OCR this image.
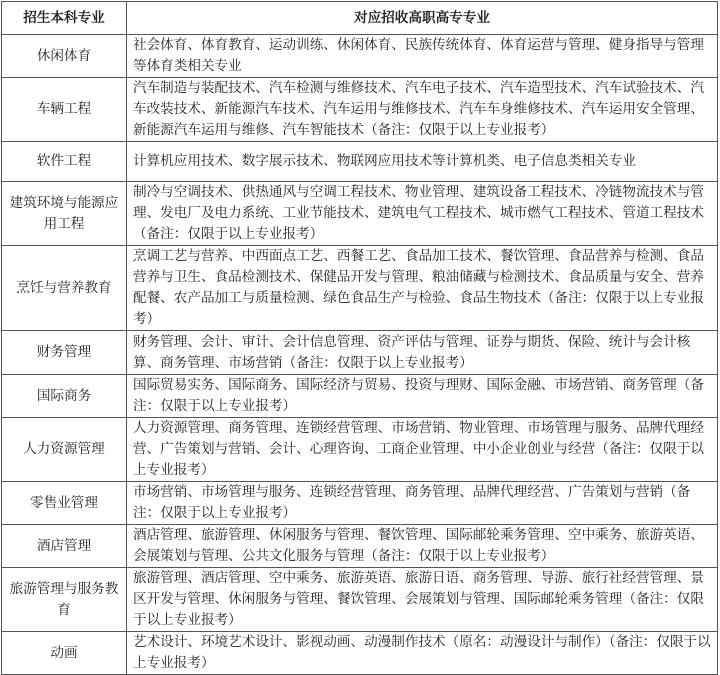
招生本科专业	对应招收高职高专专业
休闲体育	社会体育、体育教育、运动训练、休闲体育、民族传统体育、体育运营与管理、健身指导与管理等体育类相关专业
车辆工程	汽车制造与装配技术、汽车检测与维修技术、汽车电子技术、汽车造型技术、汽车试验技术、汽车改装技术、新能源汽车技术、汽车运用与维修技术、汽车车身维修技术、汽车运用安全管理、新能源汽车运用与维修、汽车智能技术（备注：仅限于以上专业报考）
软件工程	计算机应用技术、数字展示技术、物联网应用技术等计算机类、电子信息类相关专业
建筑环境与能源应用工程	制冷与空调技术、供热通风与空调工程技术、物业管理、建筑设备工程技术、冷链物流技术与管理、发电厂及电力系统、工业节能技术、建筑电气工程技术、城市燃气工程技术、管道工程技术（备注：仅限于以上专业报考）
烹饪与营养教育	烹调工艺与营养、中西面点工艺、西餐工艺、食品加工技术、餐饮管理、食品营养与检测、食品营养与卫生、食品检测技术、保健品开发与管理、粮油储藏与检测技术、食品质量与安全、营养配餐、农产品加工与质量检测、绿色食品生产与检验、食品生物技术（备注：仅限于以上专业报考）
财务管理	财务管理、会计、审计、会计信息管理、资产评估与管理、证券与期货、保险、统计与会计核算、商务管理、市场营销（备注：仅限于以上专业报考）
国际商务	国际贸易实务、国际商务、国际经济与贸易、投资与理财、国际金融、市场营销、商务管理（备注：仅限于以上专业报考）
人力资源管理	人力资源管理、商务管理、连锁经营管理、市场营销、物业管理、市场管理与服务、品牌代理经营、广告策划与营销、会计、心理咨询、工商企业管理、中小企业创业与经营（备注：仅限于以上专业报考）
零售业管理	市场营销、市场管理与服务、连锁经营管理、商务管理、品牌代理经营、广告策划与营销（备注：仅限于以上专业报考）
酒店管理	酒店管理、旅游管理、休闲服务与管理、餐饮管理、国际邮轮乘务管理、空中乘务、旅游英语、会展策划与管理、公共文化服务与管理（备注：仅限于以上专业报考）
旅游管理与服务教育	旅游管理、酒店管理、空中乘务、旅游英语、旅游日语、商务管理、导游、旅行社经营管理、景区开发与管理、休闲服务与管理、餐饮管理、会展策划与管理、国际邮轮乘务管理（备注：仅限于以上专业报考）
动画	艺术设计、环境艺术设计、影视动画、动漫制作技术（原名：动漫设计与制作）（备注：仅限于以上专业报考）
